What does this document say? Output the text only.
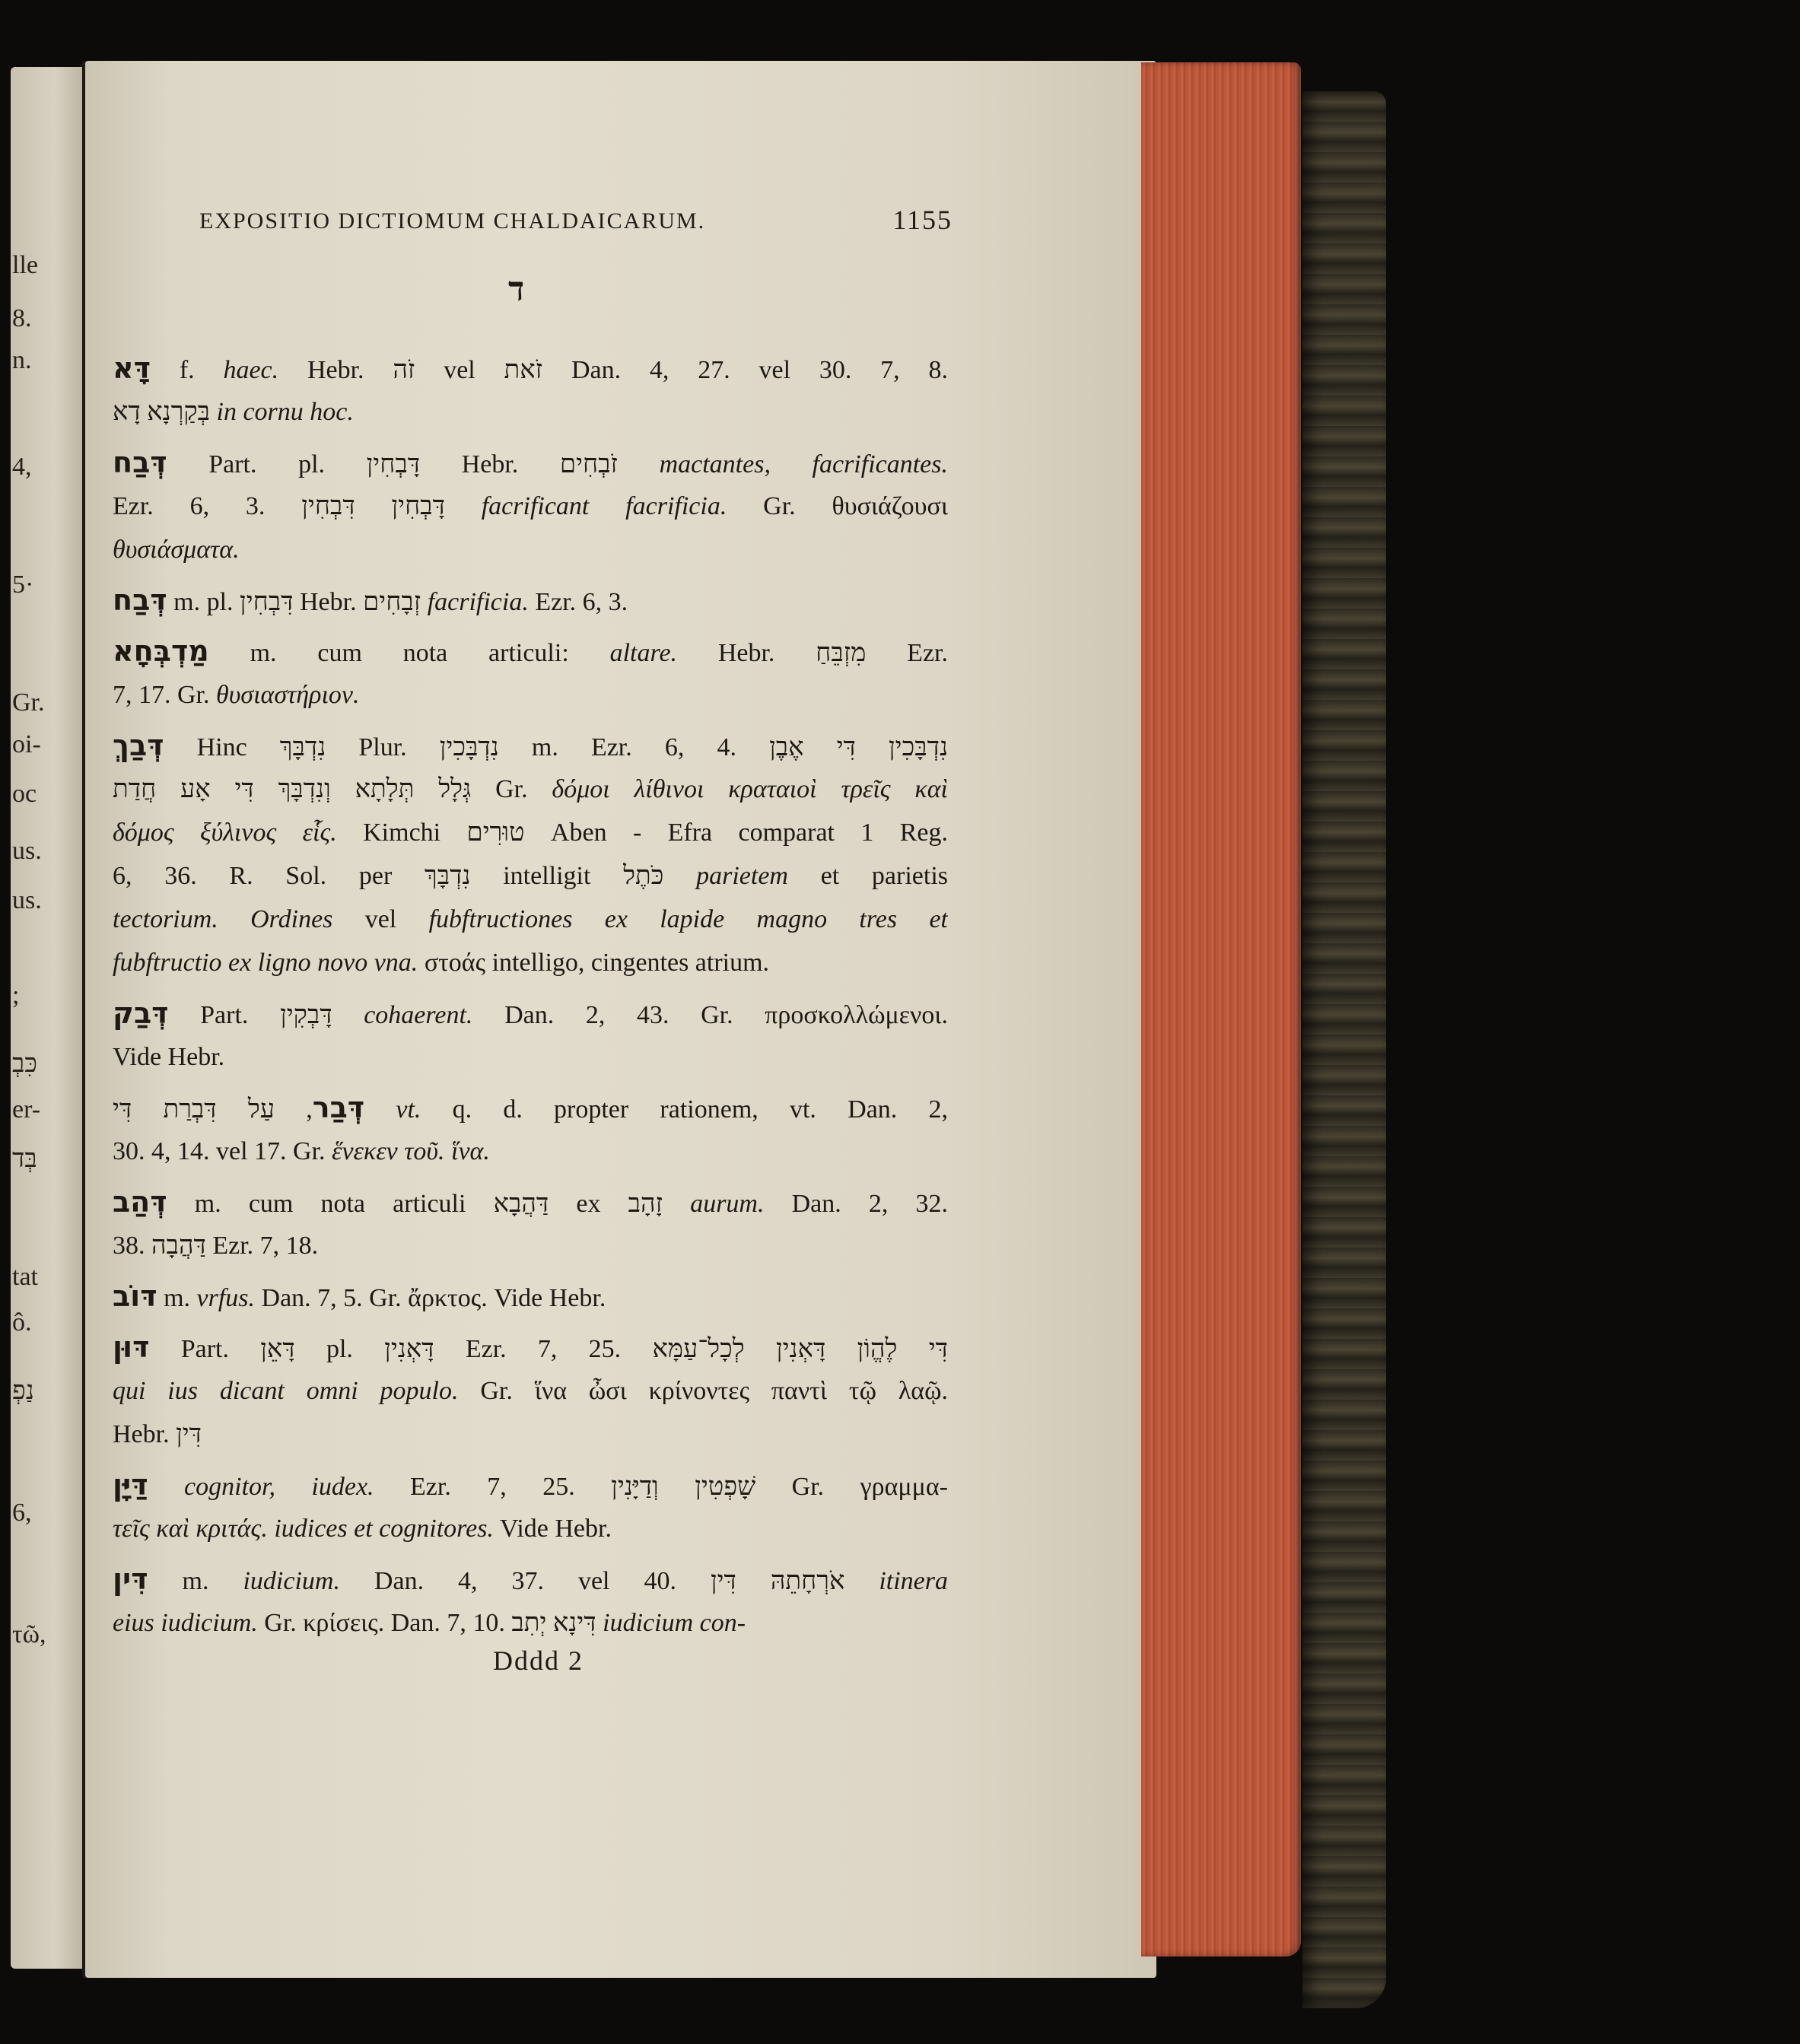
lle
8.
n.
4,
5·
Gr.
oi-
oc
us.
us.
;
כִּבְ
er-
בְּד
tat
ô.
נַפְ
6,
τῶ,
EXPOSITIO DICTIOMUM CHALDAICARUM.	1155
ד
דָּא f. haec. Hebr. זֹה vel זֹאת Dan. 4, 27. vel 30. 7, 8.
בְּקַרְנָא דָא in cornu hoc.
דְּבַח Part. pl. דָּבְחִין Hebr. זֹבְחִים mactantes, facrificantes.
Ezr. 6, 3. דָּבְחִין דִּבְחִין facrificant facrificia. Gr. θυσιάζουσι
θυσιάσματα.
דְּבַח m. pl. דִּבְחִין Hebr. זְבָחִים facrificia. Ezr. 6, 3.
מַדְבְּחָא m. cum nota articuli: altare. Hebr. מִזְבֵּחַ Ezr.
7, 17. Gr. θυσιαστήριον.
דְּבַךְ Hinc נִדְבָּךְ Plur. נִדְבָּכִין m. Ezr. 6, 4. נִדְבָּכִין דִּי אֶבֶן
גְּלָל תְּלָתָא וְנִדְבָּךְ דִּי אָע חֲדַת Gr. δόμοι λίθινοι κραταιοὶ τρεῖς καὶ
δόμος ξύλινος εἷς. Kimchi טוּרִים Aben - Efra comparat 1 Reg.
6, 36. R. Sol. per נִדְבָּךְ intelligit כֹּתֶל parietem et parietis
tectorium. Ordines vel fubftructiones ex lapide magno tres et
fubftructio ex ligno novo vna. στοάς intelligo, cingentes atrium.
דְּבַק Part. דָּבְקִין cohaerent. Dan. 2, 43. Gr. προσκολλώμενοι.
Vide Hebr.
דְּבַר, עַל דִּבְרַת דִּי vt. q. d. propter rationem, vt. Dan. 2,
30. 4, 14. vel 17. Gr. ἕνεκεν τοῦ. ἵνα.
דְּהַב m. cum nota articuli דַּהֲבָא ex זָהָב aurum. Dan. 2, 32.
38. דַּהֲבָה Ezr. 7, 18.
דּוֹב m. vrfus. Dan. 7, 5. Gr. ἄρκτος. Vide Hebr.
דּוּן Part. דָּאֵן pl. דָּאְנִין Ezr. 7, 25. דִּי לֶהֱוֹן דָּאְנִין לְכָל־עַמָּא
qui ius dicant omni populo. Gr. ἵνα ὦσι κρίνοντες παντὶ τῷ λαῷ.
Hebr. דִּין
דַּיָּן cognitor, iudex. Ezr. 7, 25. שָׁפְטִין וְדַיָּנִין Gr. γραμμα-
τεῖς καὶ κριτάς. iudices et cognitores. Vide Hebr.
דִּין m. iudicium. Dan. 4, 37. vel 40. אֹרְחָתֵהּ דִּין itinera
eius iudicium. Gr. κρίσεις. Dan. 7, 10. דִּינָא יְתִב iudicium con-
Dddd 2
